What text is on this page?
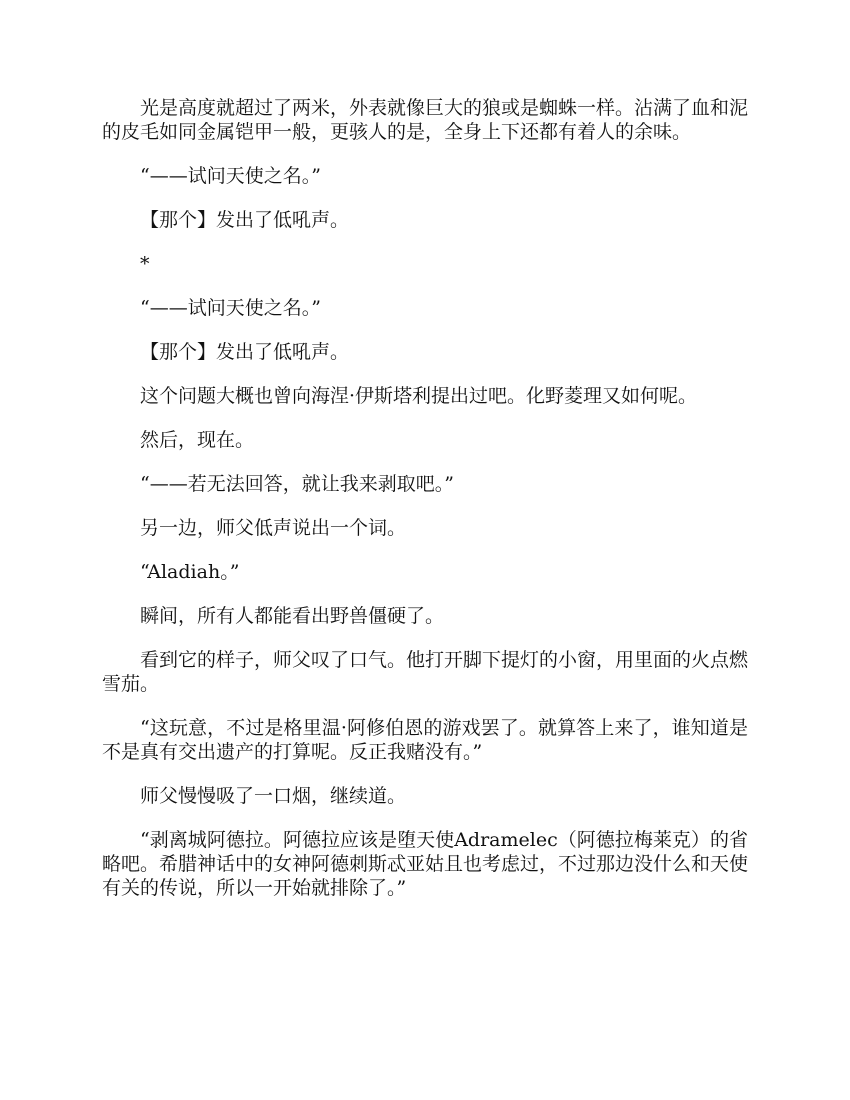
光是高度就超过了两米，外表就像巨大的狼或是蜘蛛一样。沾满了血和泥的皮毛如同金属铠甲一般，更骇人的是，全身上下还都有着人的余味。

“——试问天使之名。”

【那个】发出了低吼声。

*

“——试问天使之名。”

【那个】发出了低吼声。

这个问题大概也曾向海涅·伊斯塔利提出过吧。化野菱理又如何呢。

然后，现在。

“——若无法回答，就让我来剥取吧。”

另一边，师父低声说出一个词。

“Aladiah。”

瞬间，所有人都能看出野兽僵硬了。

看到它的样子，师父叹了口气。他打开脚下提灯的小窗，用里面的火点燃雪茄。

“这玩意，不过是格里温·阿修伯恩的游戏罢了。就算答上来了，谁知道是不是真有交出遗产的打算呢。反正我赌没有。”

师父慢慢吸了一口烟，继续道。

“剥离城阿德拉。阿德拉应该是堕天使Adramelec（阿德拉梅莱克）的省略吧。希腊神话中的女神阿德刺斯忒亚姑且也考虑过，不过那边没什么和天使有关的传说，所以一开始就排除了。”
